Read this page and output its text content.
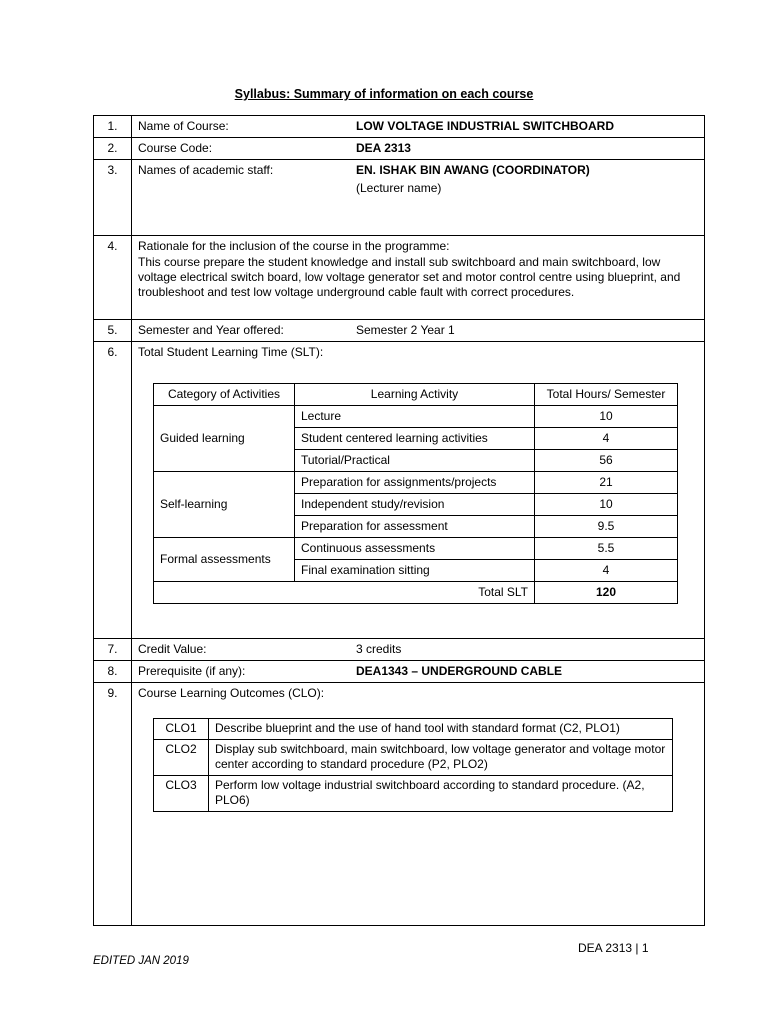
Syllabus: Summary of information on each course
1.	Name of Course:	LOW VOLTAGE INDUSTRIAL SWITCHBOARD

2.	Course Code:	DEA 2313

3.	Names of academic staff:	EN. ISHAK BIN AWANG (COORDINATOR)
(Lecturer name)

4.	Rationale for the inclusion of the course in the programme:
This course prepare the student knowledge and install sub switchboard and main switchboard, low voltage electrical switch board, low voltage generator set and motor control centre using blueprint, and troubleshoot and test low voltage underground cable fault with correct procedures.

5.	Semester and Year offered:	Semester 2 Year 1

6.	Total Student Learning Time (SLT):
Category of Activities	Learning Activity	Total Hours/ Semester
Guided learning	Lecture	10
Student centered learning activities	4
Tutorial/Practical	56
Self-learning	Preparation for assignments/projects	21
Independent study/revision	10
Preparation for assessment	9.5
Formal assessments	Continuous assessments	5.5
Final examination sitting	4
Total SLT	120

7.	Credit Value:	3 credits

8.	Prerequisite (if any):	DEA1343 – UNDERGROUND CABLE

9.	Course Learning Outcomes (CLO):
CLO1	Describe blueprint and the use of hand tool with standard format (C2, PLO1)
CLO2	Display sub switchboard, main switchboard, low voltage generator and voltage motor center according to standard procedure (P2, PLO2)
CLO3	Perform low voltage industrial switchboard according to standard procedure. (A2, PLO6)
DEA 2313 | 1
EDITED JAN 2019
